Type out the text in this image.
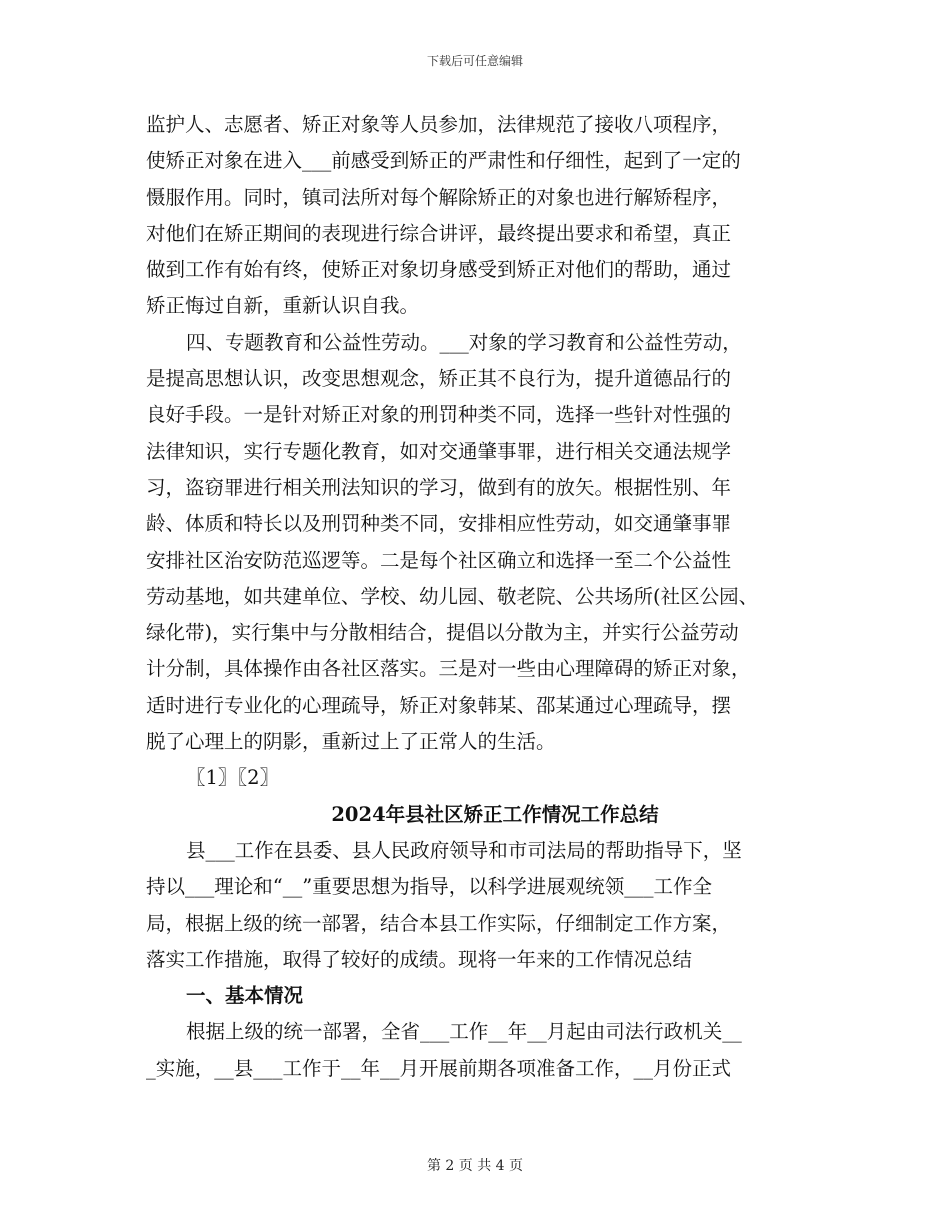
下载后可任意编辑
监护人、志愿者、矫正对象等人员参加，法律规范了接收八项程序，
使矫正对象在进入___前感受到矫正的严肃性和仔细性，起到了一定的
慑服作用。同时，镇司法所对每个解除矫正的对象也进行解矫程序，
对他们在矫正期间的表现进行综合讲评，最终提出要求和希望，真正
做到工作有始有终，使矫正对象切身感受到矫正对他们的帮助，通过
矫正悔过自新，重新认识自我。
四、专题教育和公益性劳动。___对象的学习教育和公益性劳动，
是提高思想认识，改变思想观念，矫正其不良行为，提升道德品行的
良好手段。一是针对矫正对象的刑罚种类不同，选择一些针对性强的
法律知识，实行专题化教育，如对交通肇事罪，进行相关交通法规学
习，盗窃罪进行相关刑法知识的学习，做到有的放矢。根据性别、年
龄、体质和特长以及刑罚种类不同，安排相应性劳动，如交通肇事罪
安排社区治安防范巡逻等。二是每个社区确立和选择一至二个公益性
劳动基地，如共建单位、学校、幼儿园、敬老院、公共场所(社区公园、
绿化带)，实行集中与分散相结合，提倡以分散为主，并实行公益劳动
计分制，具体操作由各社区落实。三是对一些由心理障碍的矫正对象，
适时进行专业化的心理疏导，矫正对象韩某、邵某通过心理疏导，摆
脱了心理上的阴影，重新过上了正常人的生活。
〖1〗〖2〗
2024年县社区矫正工作情况工作总结
县___工作在县委、县人民政府领导和市司法局的帮助指导下，坚
持以___理论和“__”重要思想为指导，以科学进展观统领___工作全
局，根据上级的统一部署，结合本县工作实际，仔细制定工作方案，
落实工作措施，取得了较好的成绩。现将一年来的工作情况总结
一、基本情况
根据上级的统一部署，全省___工作__年__月起由司法行政机关__
_实施，__县___工作于__年__月开展前期各项准备工作，__月份正式
第 2 页 共 4 页
